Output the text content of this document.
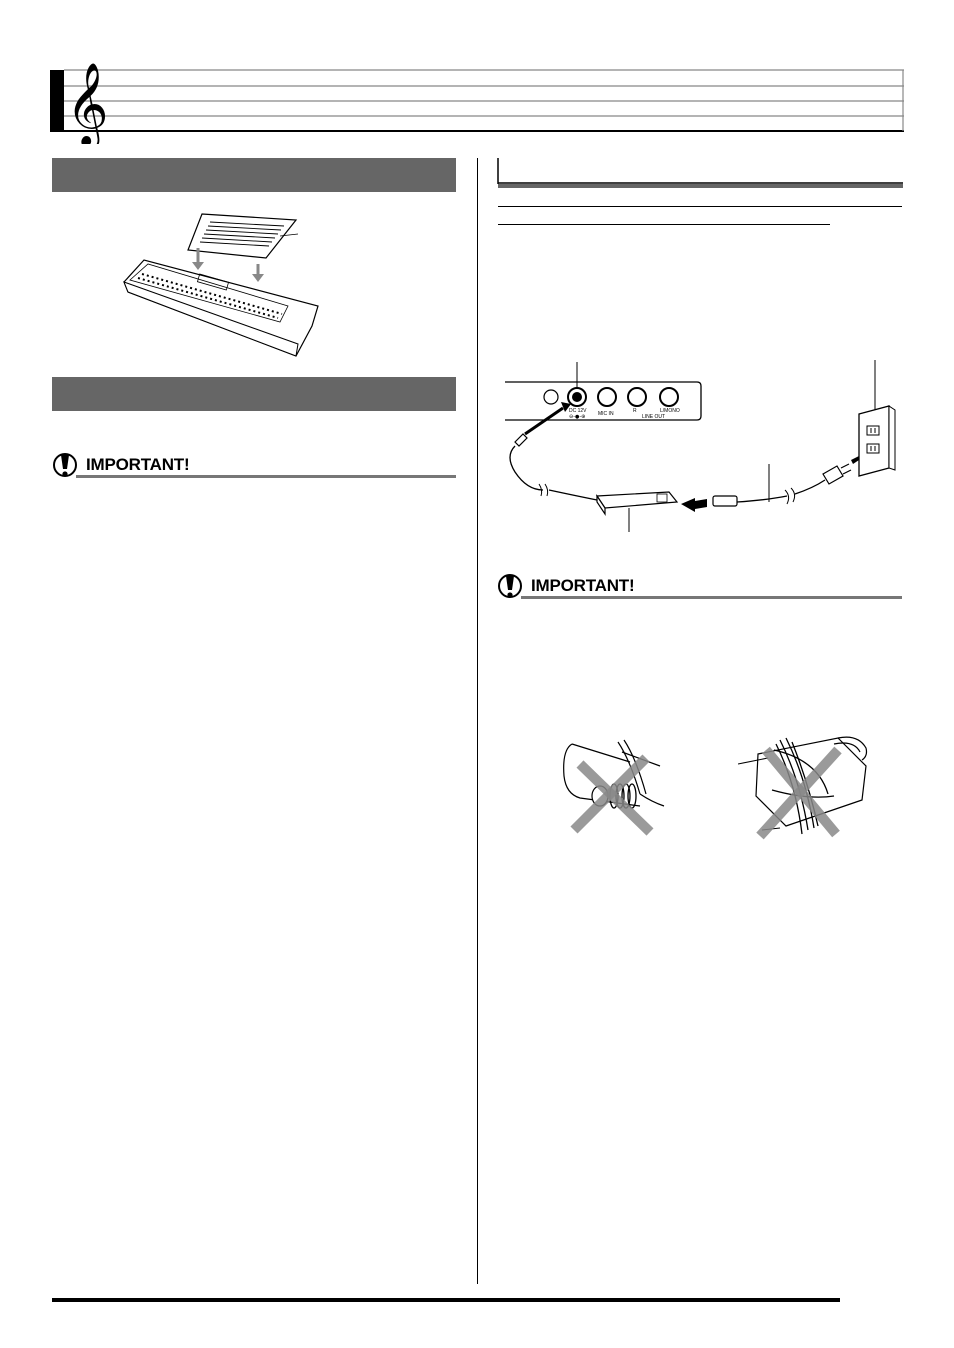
𝄞
IMPORTANT!
DC 12V MIC IN	R	L/MONO
LINE OUT
⊖-●-⊕
IMPORTANT!
